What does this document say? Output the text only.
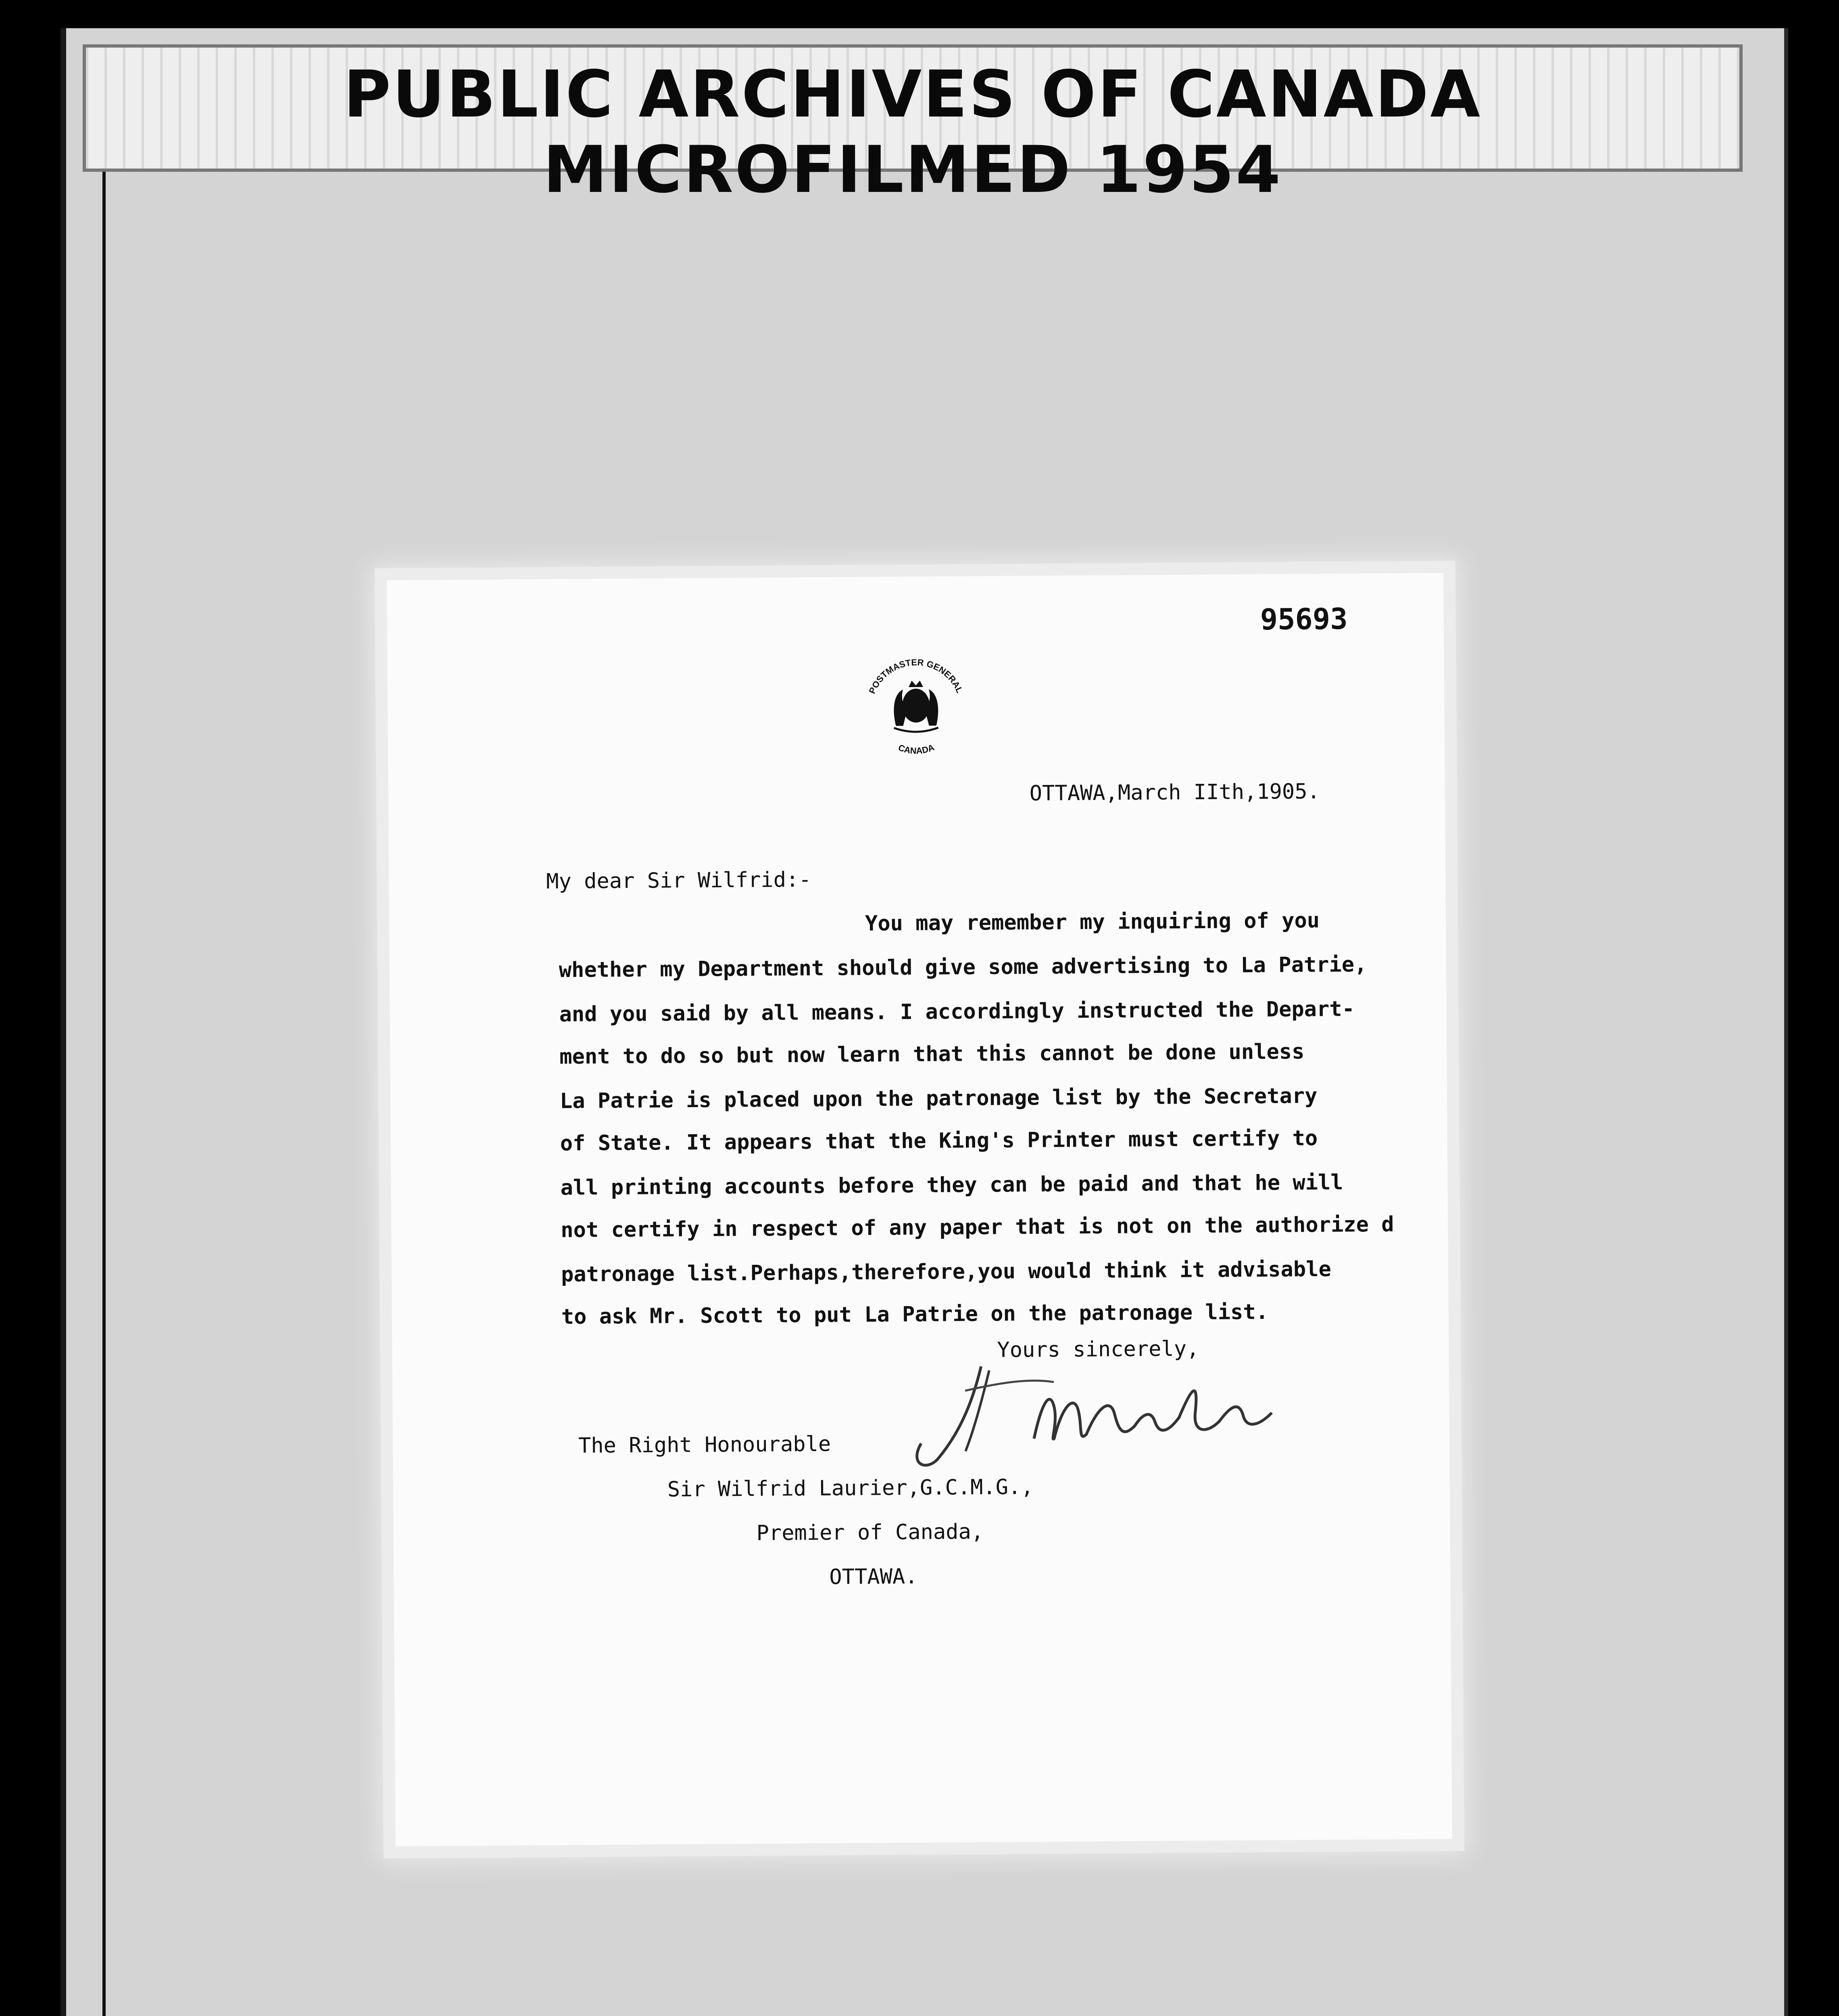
PUBLIC ARCHIVES OF CANADA MICROFILMED 1954
95693
POSTMASTER GENERAL
CANADA
OTTAWA,March IIth,1905.
My dear Sir Wilfrid:-
You may remember my inquiring of you
whether my Department should give some advertising to La Patrie,
and you said by all means. I accordingly instructed the Depart-
ment to do so but now learn that this cannot be done unless
La Patrie is placed upon the patronage list by the Secretary
of State. It appears that the King's Printer must certify to
all printing accounts before they can be paid and that he will
not certify in respect of any paper that is not on the authorize d
patronage list.Perhaps,therefore,you would think it advisable
to ask Mr. Scott to put La Patrie on the patronage list.
Yours sincerely,
The Right Honourable
Sir Wilfrid Laurier,G.C.M.G.,
Premier of Canada,
OTTAWA.
